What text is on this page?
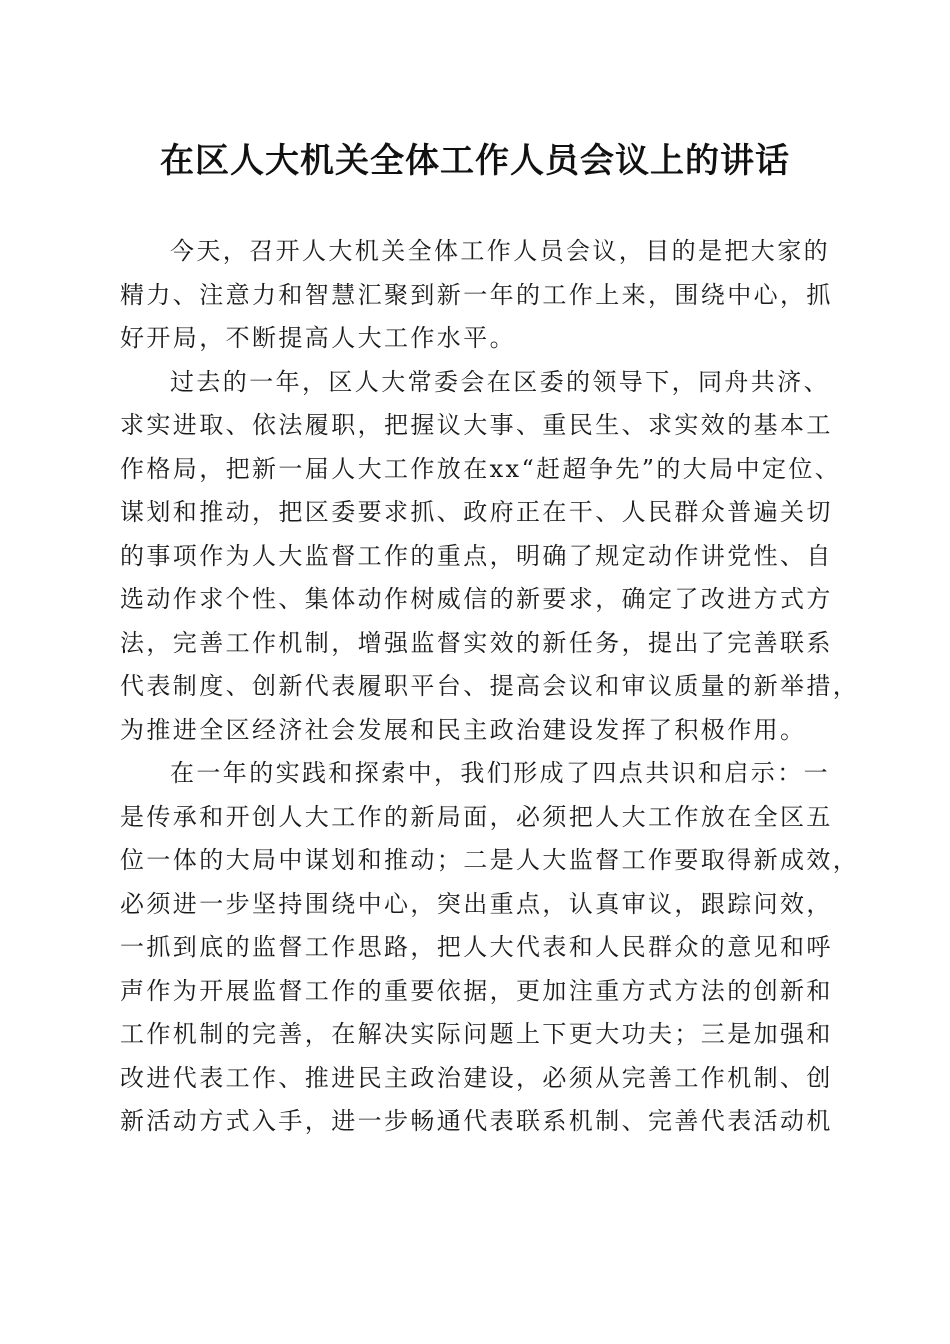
在区人大机关全体工作人员会议上的讲话
今天，召开人大机关全体工作人员会议，目的是把大家的
精力、注意力和智慧汇聚到新一年的工作上来，围绕中心，抓
好开局，不断提高人大工作水平。
过去的一年，区人大常委会在区委的领导下，同舟共济、
求实进取、依法履职，把握议大事、重民生、求实效的基本工
作格局，把新一届人大工作放在xx“赶超争先”的大局中定位、
谋划和推动，把区委要求抓、政府正在干、人民群众普遍关切
的事项作为人大监督工作的重点，明确了规定动作讲党性、自
选动作求个性、集体动作树威信的新要求，确定了改进方式方
法，完善工作机制，增强监督实效的新任务，提出了完善联系
代表制度、创新代表履职平台、提高会议和审议质量的新举措，
为推进全区经济社会发展和民主政治建设发挥了积极作用。
在一年的实践和探索中，我们形成了四点共识和启示：一
是传承和开创人大工作的新局面，必须把人大工作放在全区五
位一体的大局中谋划和推动；二是人大监督工作要取得新成效，
必须进一步坚持围绕中心，突出重点，认真审议，跟踪问效，
一抓到底的监督工作思路，把人大代表和人民群众的意见和呼
声作为开展监督工作的重要依据，更加注重方式方法的创新和
工作机制的完善，在解决实际问题上下更大功夫；三是加强和
改进代表工作、推进民主政治建设，必须从完善工作机制、创
新活动方式入手，进一步畅通代表联系机制、完善代表活动机
